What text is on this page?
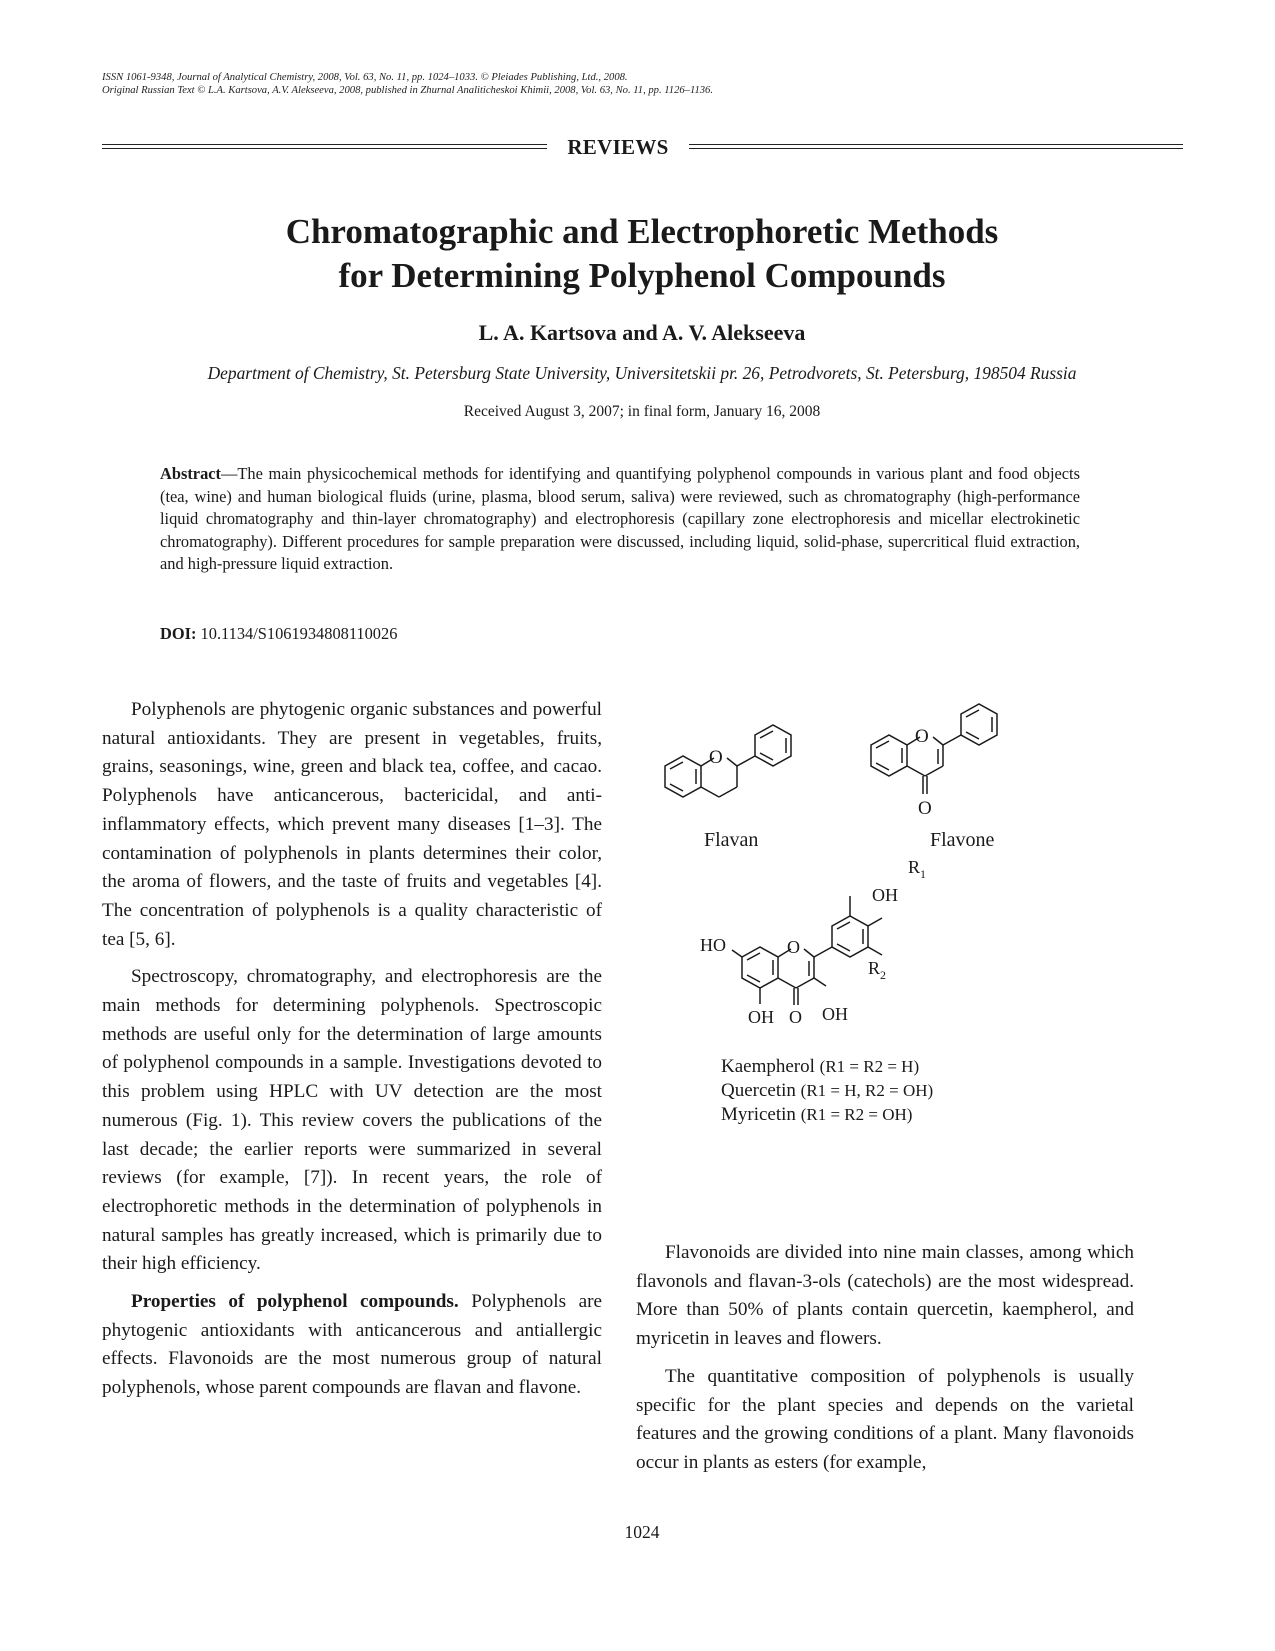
ISSN 1061-9348, Journal of Analytical Chemistry, 2008, Vol. 63, No. 11, pp. 1024–1033. © Pleiades Publishing, Ltd., 2008.
Original Russian Text © L.A. Kartsova, A.V. Alekseeva, 2008, published in Zhurnal Analiticheskoi Khimii, 2008, Vol. 63, No. 11, pp. 1126–1136.
REVIEWS
Chromatographic and Electrophoretic Methods
for Determining Polyphenol Compounds
L. A. Kartsova and A. V. Alekseeva
Department of Chemistry, St. Petersburg State University, Universitetskii pr. 26, Petrodvorets, St. Petersburg, 198504 Russia
Received August 3, 2007; in final form, January 16, 2008
Abstract—The main physicochemical methods for identifying and quantifying polyphenol compounds in various plant and food objects (tea, wine) and human biological fluids (urine, plasma, blood serum, saliva) were reviewed, such as chromatography (high-performance liquid chromatography and thin-layer chromatography) and electrophoresis (capillary zone electrophoresis and micellar electrokinetic chromatography). Different procedures for sample preparation were discussed, including liquid, solid-phase, supercritical fluid extraction, and high-pressure liquid extraction.
DOI: 10.1134/S1061934808110026

Polyphenols are phytogenic organic substances and powerful natural antioxidants. They are present in vegetables, fruits, grains, seasonings, wine, green and black tea, coffee, and cacao. Polyphenols have anticancerous, bactericidal, and anti-inflammatory effects, which prevent many diseases [1–3]. The contamination of polyphenols in plants determines their color, the aroma of flowers, and the taste of fruits and vegetables [4]. The concentration of polyphenols is a quality characteristic of tea [5, 6].

Spectroscopy, chromatography, and electrophoresis are the main methods for determining polyphenols. Spectroscopic methods are useful only for the determination of large amounts of polyphenol compounds in a sample. Investigations devoted to this problem using HPLC with UV detection are the most numerous (Fig. 1). This review covers the publications of the last decade; the earlier reports were summarized in several reviews (for example, [7]). In recent years, the role of electrophoretic methods in the determination of polyphenols in natural samples has greatly increased, which is primarily due to their high efficiency.

Properties of polyphenol compounds. Polyphenols are phytogenic antioxidants with anticancerous and antiallergic effects. Flavonoids are the most numerous group of natural polyphenols, whose parent compounds are flavan and flavone.

O
Flavan
O
O
Flavone
$R_1$
OH
HO	O
$R_2$
OH
OH O
Kaempherol (R1 = R2 = H)
Quercetin (R1 = H, R2 = OH)
Myricetin (R1 = R2 = OH)

Flavonoids are divided into nine main classes, among which flavonols and flavan-3-ols (catechols) are the most widespread. More than 50% of plants contain quercetin, kaempherol, and myricetin in leaves and flowers.

The quantitative composition of polyphenols is usually specific for the plant species and depends on the varietal features and the growing conditions of a plant. Many flavonoids occur in plants as esters (for example,

1024
